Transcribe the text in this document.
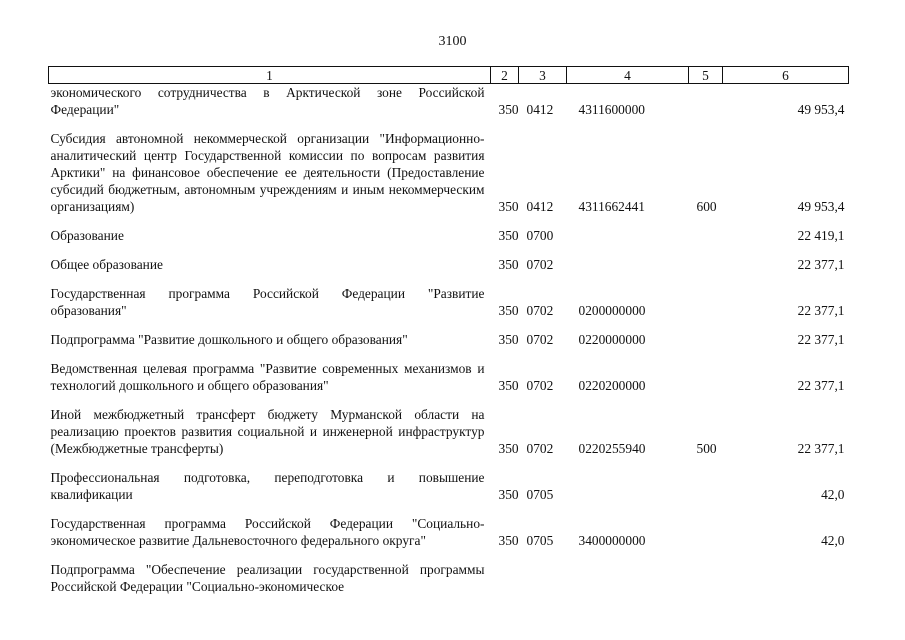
3100
1	2	3	4	5	6
экономического сотрудничества в Арктической зоне Российской Федерации"	350	0412	4311600000		49 953,4

Субсидия автономной некоммерческой организации "Информационно-аналитический центр Государственной комиссии по вопросам развития Арктики" на финансовое обеспечение ее деятельности (Предоставление субсидий бюджетным, автономным учреждениям и иным некоммерческим организациям)	350	0412	4311662441	600	49 953,4

Образование	350	0700			22 419,1

Общее образование	350	0702			22 377,1

Государственная программа Российской Федерации "Развитие образования"	350	0702	0200000000		22 377,1

Подпрограмма "Развитие дошкольного и общего образования"	350	0702	0220000000		22 377,1

Ведомственная целевая программа "Развитие современных механизмов и технологий дошкольного и общего образования"	350	0702	0220200000		22 377,1

Иной межбюджетный трансферт бюджету Мурманской области на реализацию проектов развития социальной и инженерной инфраструктур (Межбюджетные трансферты)	350	0702	0220255940	500	22 377,1

Профессиональная подготовка, переподготовка и повышение квалификации	350	0705			42,0

Государственная программа Российской Федерации "Социально-экономическое развитие Дальневосточного федерального округа"	350	0705	3400000000		42,0

Подпрограмма "Обеспечение реализации государственной программы Российской Федерации "Социально-экономическое					
